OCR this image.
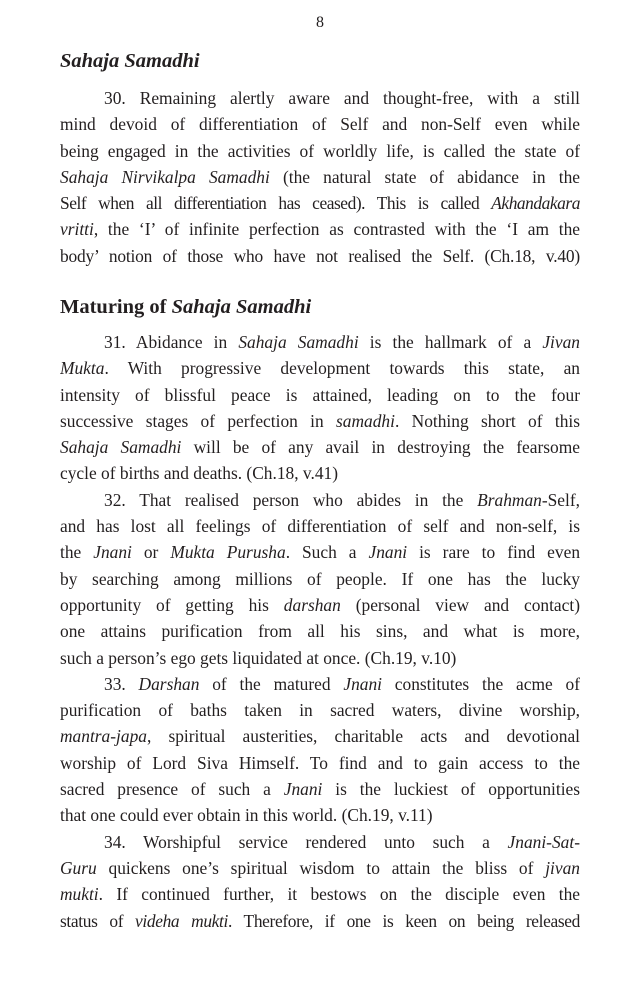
8
Sahaja Samadhi
30. Remaining alertly aware and thought-free, with a still
mind devoid of differentiation of Self and non-Self even while
being engaged in the activities of worldly life, is called the state of
Sahaja Nirvikalpa Samadhi (the natural state of abidance in the
Self when all differentiation has ceased). This is called Akhandakara
vritti, the ‘I’ of infinite perfection as contrasted with the ‘I am the
body’ notion of those who have not realised the Self. (Ch.18, v.40)
Maturing of Sahaja Samadhi
31. Abidance in Sahaja Samadhi is the hallmark of a Jivan
Mukta. With progressive development towards this state, an
intensity of blissful peace is attained, leading on to the four
successive stages of perfection in samadhi. Nothing short of this
Sahaja Samadhi will be of any avail in destroying the fearsome
cycle of births and deaths. (Ch.18, v.41)
32. That realised person who abides in the Brahman-Self,
and has lost all feelings of differentiation of self and non-self, is
the Jnani or Mukta Purusha. Such a Jnani is rare to find even
by searching among millions of people. If one has the lucky
opportunity of getting his darshan (personal view and contact)
one attains purification from all his sins, and what is more,
such a person’s ego gets liquidated at once. (Ch.19, v.10)
33. Darshan of the matured Jnani constitutes the acme of
purification of baths taken in sacred waters, divine worship,
mantra-japa, spiritual austerities, charitable acts and devotional
worship of Lord Siva Himself. To find and to gain access to the
sacred presence of such a Jnani is the luckiest of opportunities
that one could ever obtain in this world. (Ch.19, v.11)
34. Worshipful service rendered unto such a Jnani-Sat-
Guru quickens one’s spiritual wisdom to attain the bliss of jivan
mukti. If continued further, it bestows on the disciple even the
status of videha mukti. Therefore, if one is keen on being released
